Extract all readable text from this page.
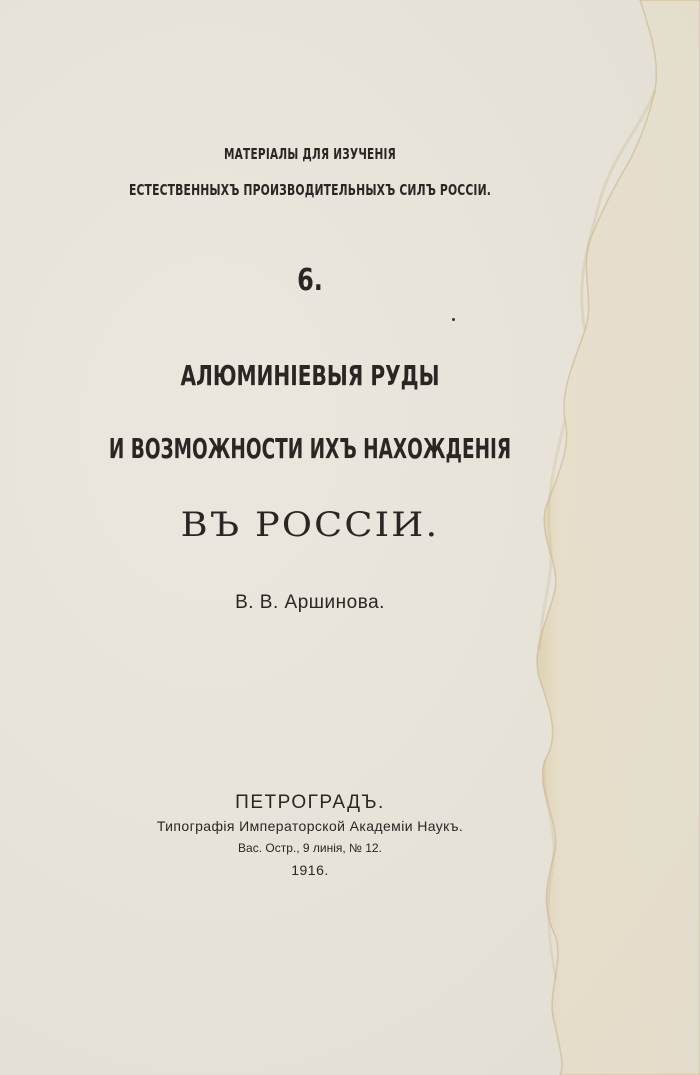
МАТЕРІАЛЫ ДЛЯ ИЗУЧЕНІЯ
ЕСТЕСТВЕННЫХЪ ПРОИЗВОДИТЕЛЬНЫХЪ СИЛЪ РОССІИ.
6.
АЛЮМИНІЕВЫЯ РУДЫ
И ВОЗМОЖНОСТИ ИХЪ НАХОЖДЕНІЯ
ВЪ РОССІИ.
В. В. Аршинова.
ПЕТРОГРАДЪ.
Типографія Императорской Академіи Наукъ.
Вас. Остр., 9 линія, № 12.
1916.
